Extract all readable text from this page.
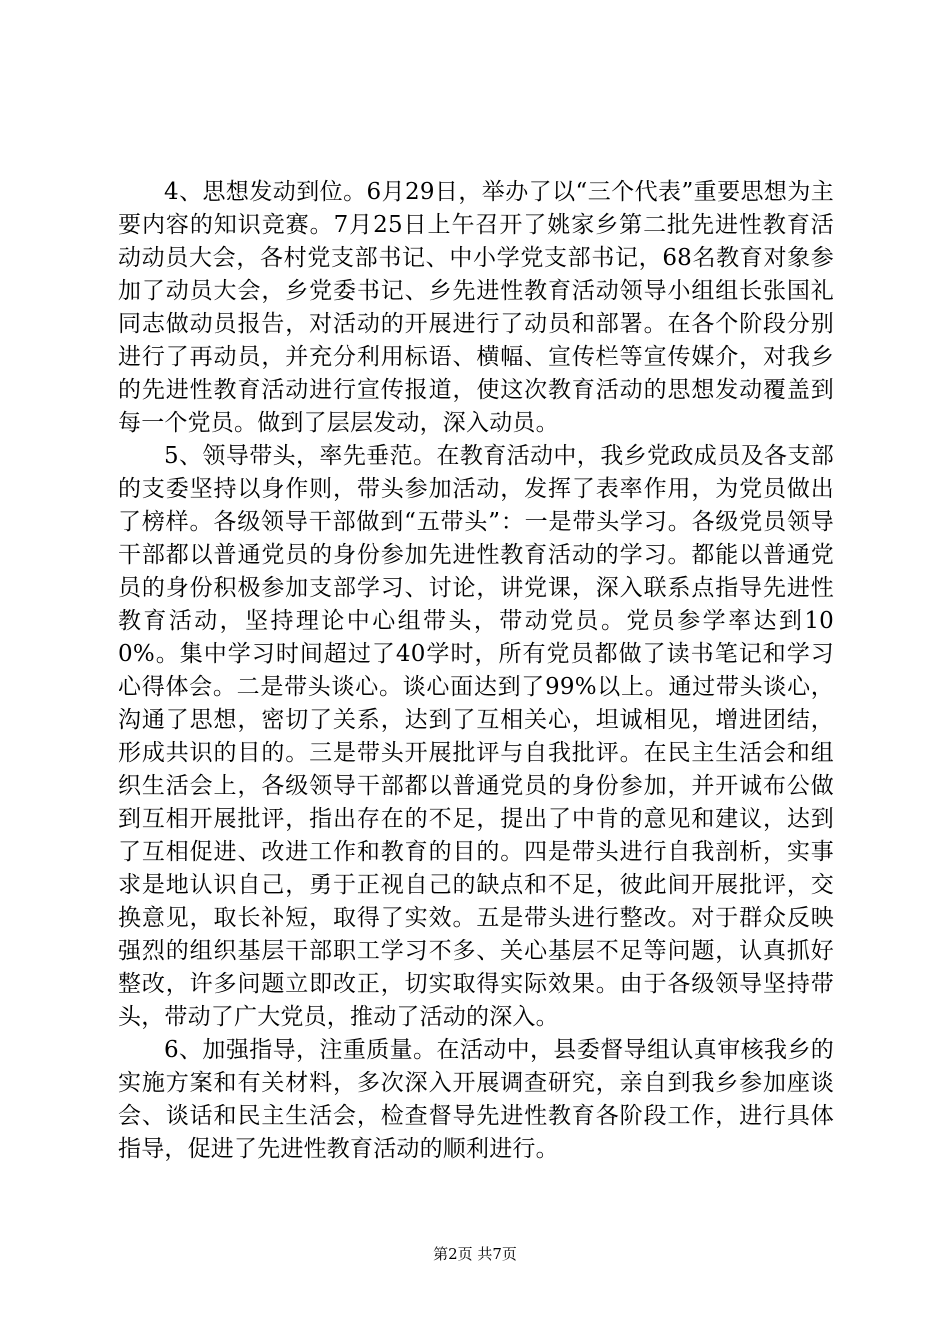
4、思想发动到位。6月29日，举办了以“三个代表”重要思想为主要内容的知识竞赛。7月25日上午召开了姚家乡第二批先进性教育活动动员大会，各村党支部书记、中小学党支部书记，68名教育对象参加了动员大会，乡党委书记、乡先进性教育活动领导小组组长张国礼同志做动员报告，对活动的开展进行了动员和部署。在各个阶段分别进行了再动员，并充分利用标语、横幅、宣传栏等宣传媒介，对我乡的先进性教育活动进行宣传报道，使这次教育活动的思想发动覆盖到每一个党员。做到了层层发动，深入动员。

5、领导带头，率先垂范。在教育活动中，我乡党政成员及各支部的支委坚持以身作则，带头参加活动，发挥了表率作用，为党员做出了榜样。各级领导干部做到“五带头”：一是带头学习。各级党员领导干部都以普通党员的身份参加先进性教育活动的学习。都能以普通党员的身份积极参加支部学习、讨论，讲党课，深入联系点指导先进性教育活动，坚持理论中心组带头，带动党员。党员参学率达到100%。集中学习时间超过了40学时，所有党员都做了读书笔记和学习心得体会。二是带头谈心。谈心面达到了99%以上。通过带头谈心，沟通了思想，密切了关系，达到了互相关心，坦诚相见，增进团结，形成共识的目的。三是带头开展批评与自我批评。在民主生活会和组织生活会上，各级领导干部都以普通党员的身份参加，并开诚布公做到互相开展批评，指出存在的不足，提出了中肯的意见和建议，达到了互相促进、改进工作和教育的目的。四是带头进行自我剖析，实事求是地认识自己，勇于正视自己的缺点和不足，彼此间开展批评，交换意见，取长补短，取得了实效。五是带头进行整改。对于群众反映强烈的组织基层干部职工学习不多、关心基层不足等问题，认真抓好整改，许多问题立即改正，切实取得实际效果。由于各级领导坚持带头，带动了广大党员，推动了活动的深入。

6、加强指导，注重质量。在活动中，县委督导组认真审核我乡的实施方案和有关材料，多次深入开展调查研究，亲自到我乡参加座谈会、谈话和民主生活会，检查督导先进性教育各阶段工作，进行具体指导，促进了先进性教育活动的顺利进行。

第2页 共7页
